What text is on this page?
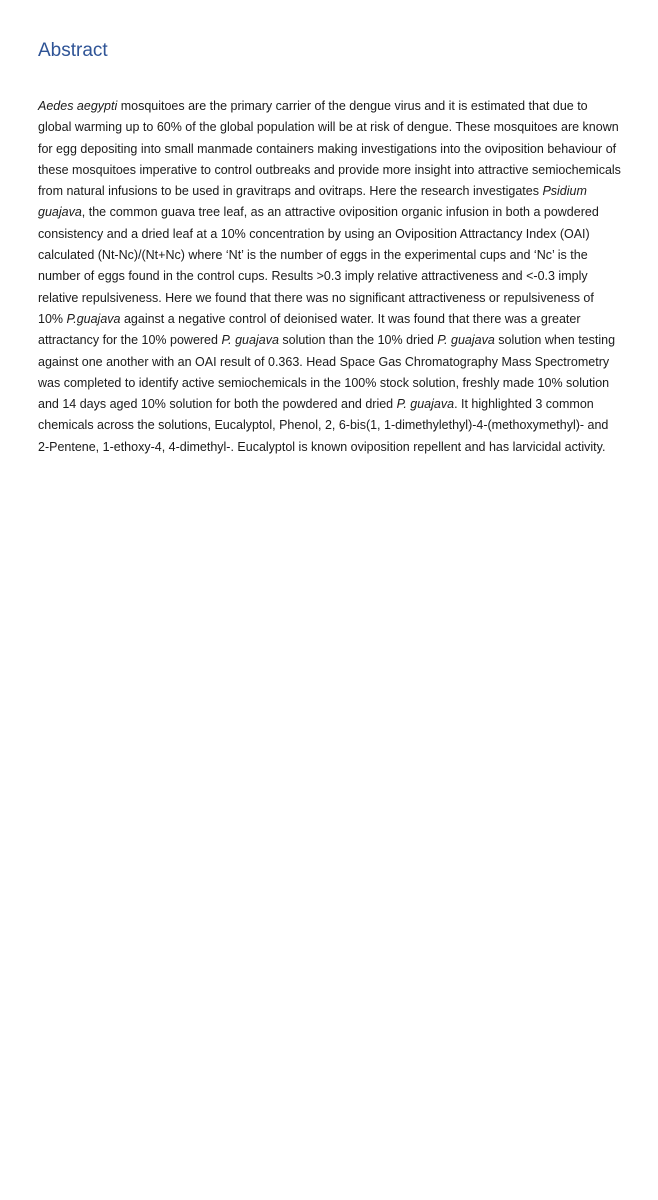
Abstract

Aedes aegypti mosquitoes are the primary carrier of the dengue virus and it is estimated that due to global warming up to 60% of the global population will be at risk of dengue. These mosquitoes are known for egg depositing into small manmade containers making investigations into the oviposition behaviour of these mosquitoes imperative to control outbreaks and provide more insight into attractive semiochemicals from natural infusions to be used in gravitraps and ovitraps. Here the research investigates Psidium guajava, the common guava tree leaf, as an attractive oviposition organic infusion in both a powdered consistency and a dried leaf at a 10% concentration by using an Oviposition Attractancy Index (OAI) calculated (Nt-Nc)/(Nt+Nc) where ‘Nt’ is the number of eggs in the experimental cups and ‘Nc’ is the number of eggs found in the control cups. Results >0.3 imply relative attractiveness and <-0.3 imply relative repulsiveness. Here we found that there was no significant attractiveness or repulsiveness of 10% P.guajava against a negative control of deionised water. It was found that there was a greater attractancy for the 10% powered P. guajava solution than the 10% dried P. guajava solution when testing against one another with an OAI result of 0.363. Head Space Gas Chromatography Mass Spectrometry was completed to identify active semiochemicals in the 100% stock solution, freshly made 10% solution and 14 days aged 10% solution for both the powdered and dried P. guajava. It highlighted 3 common chemicals across the solutions, Eucalyptol, Phenol, 2, 6-bis(1, 1-dimethylethyl)-4-(methoxymethyl)- and 2-Pentene, 1-ethoxy-4, 4-dimethyl-. Eucalyptol is known oviposition repellent and has larvicidal activity.
